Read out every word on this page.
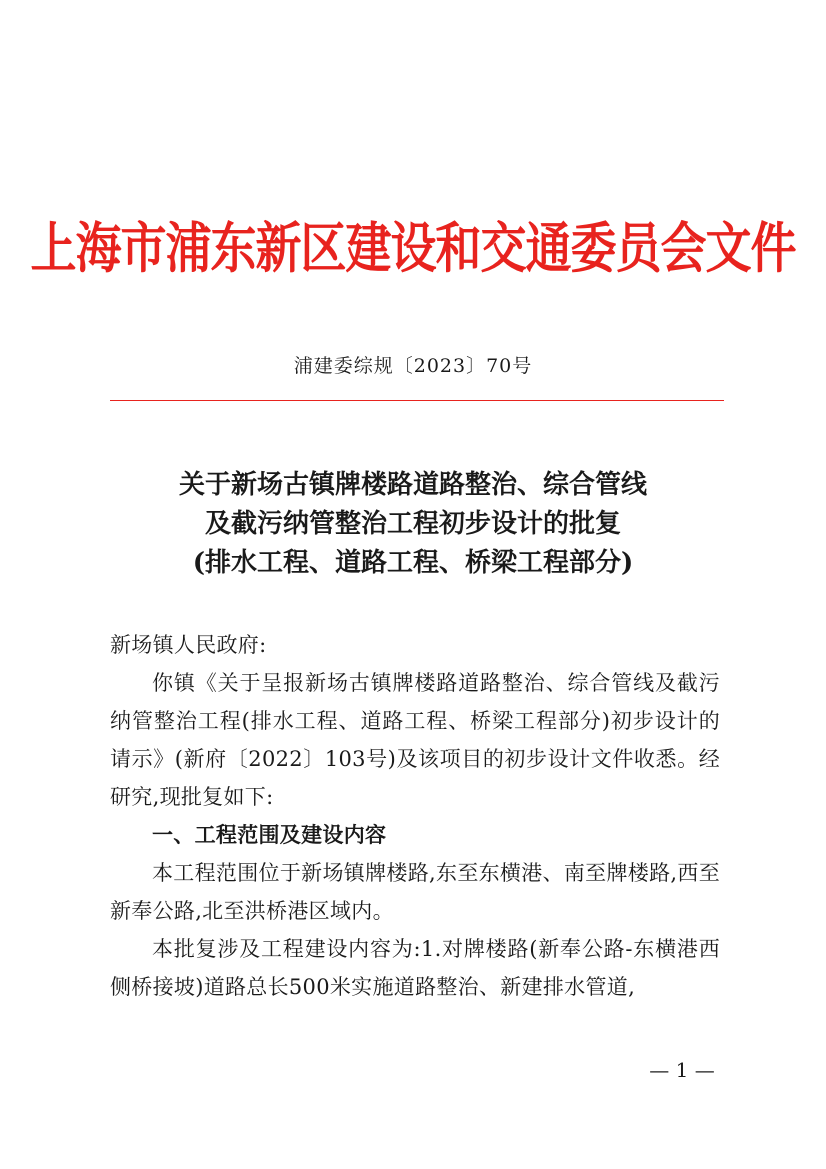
上海市浦东新区建设和交通委员会文件
浦建委综规〔2023〕70号
关于新场古镇牌楼路道路整治、综合管线
及截污纳管整治工程初步设计的批复
(排水工程、道路工程、桥梁工程部分)

新场镇人民政府:

你镇《关于呈报新场古镇牌楼路道路整治、综合管线及截污纳管整治工程(排水工程、道路工程、桥梁工程部分)初步设计的请示》(新府〔2022〕103号)及该项目的初步设计文件收悉。经研究,现批复如下:

一、工程范围及建设内容

本工程范围位于新场镇牌楼路,东至东横港、南至牌楼路,西至新奉公路,北至洪桥港区域内。

本批复涉及工程建设内容为:1.对牌楼路(新奉公路-东横港西侧桥接坡)道路总长500米实施道路整治、新建排水管道,

— 1 —
